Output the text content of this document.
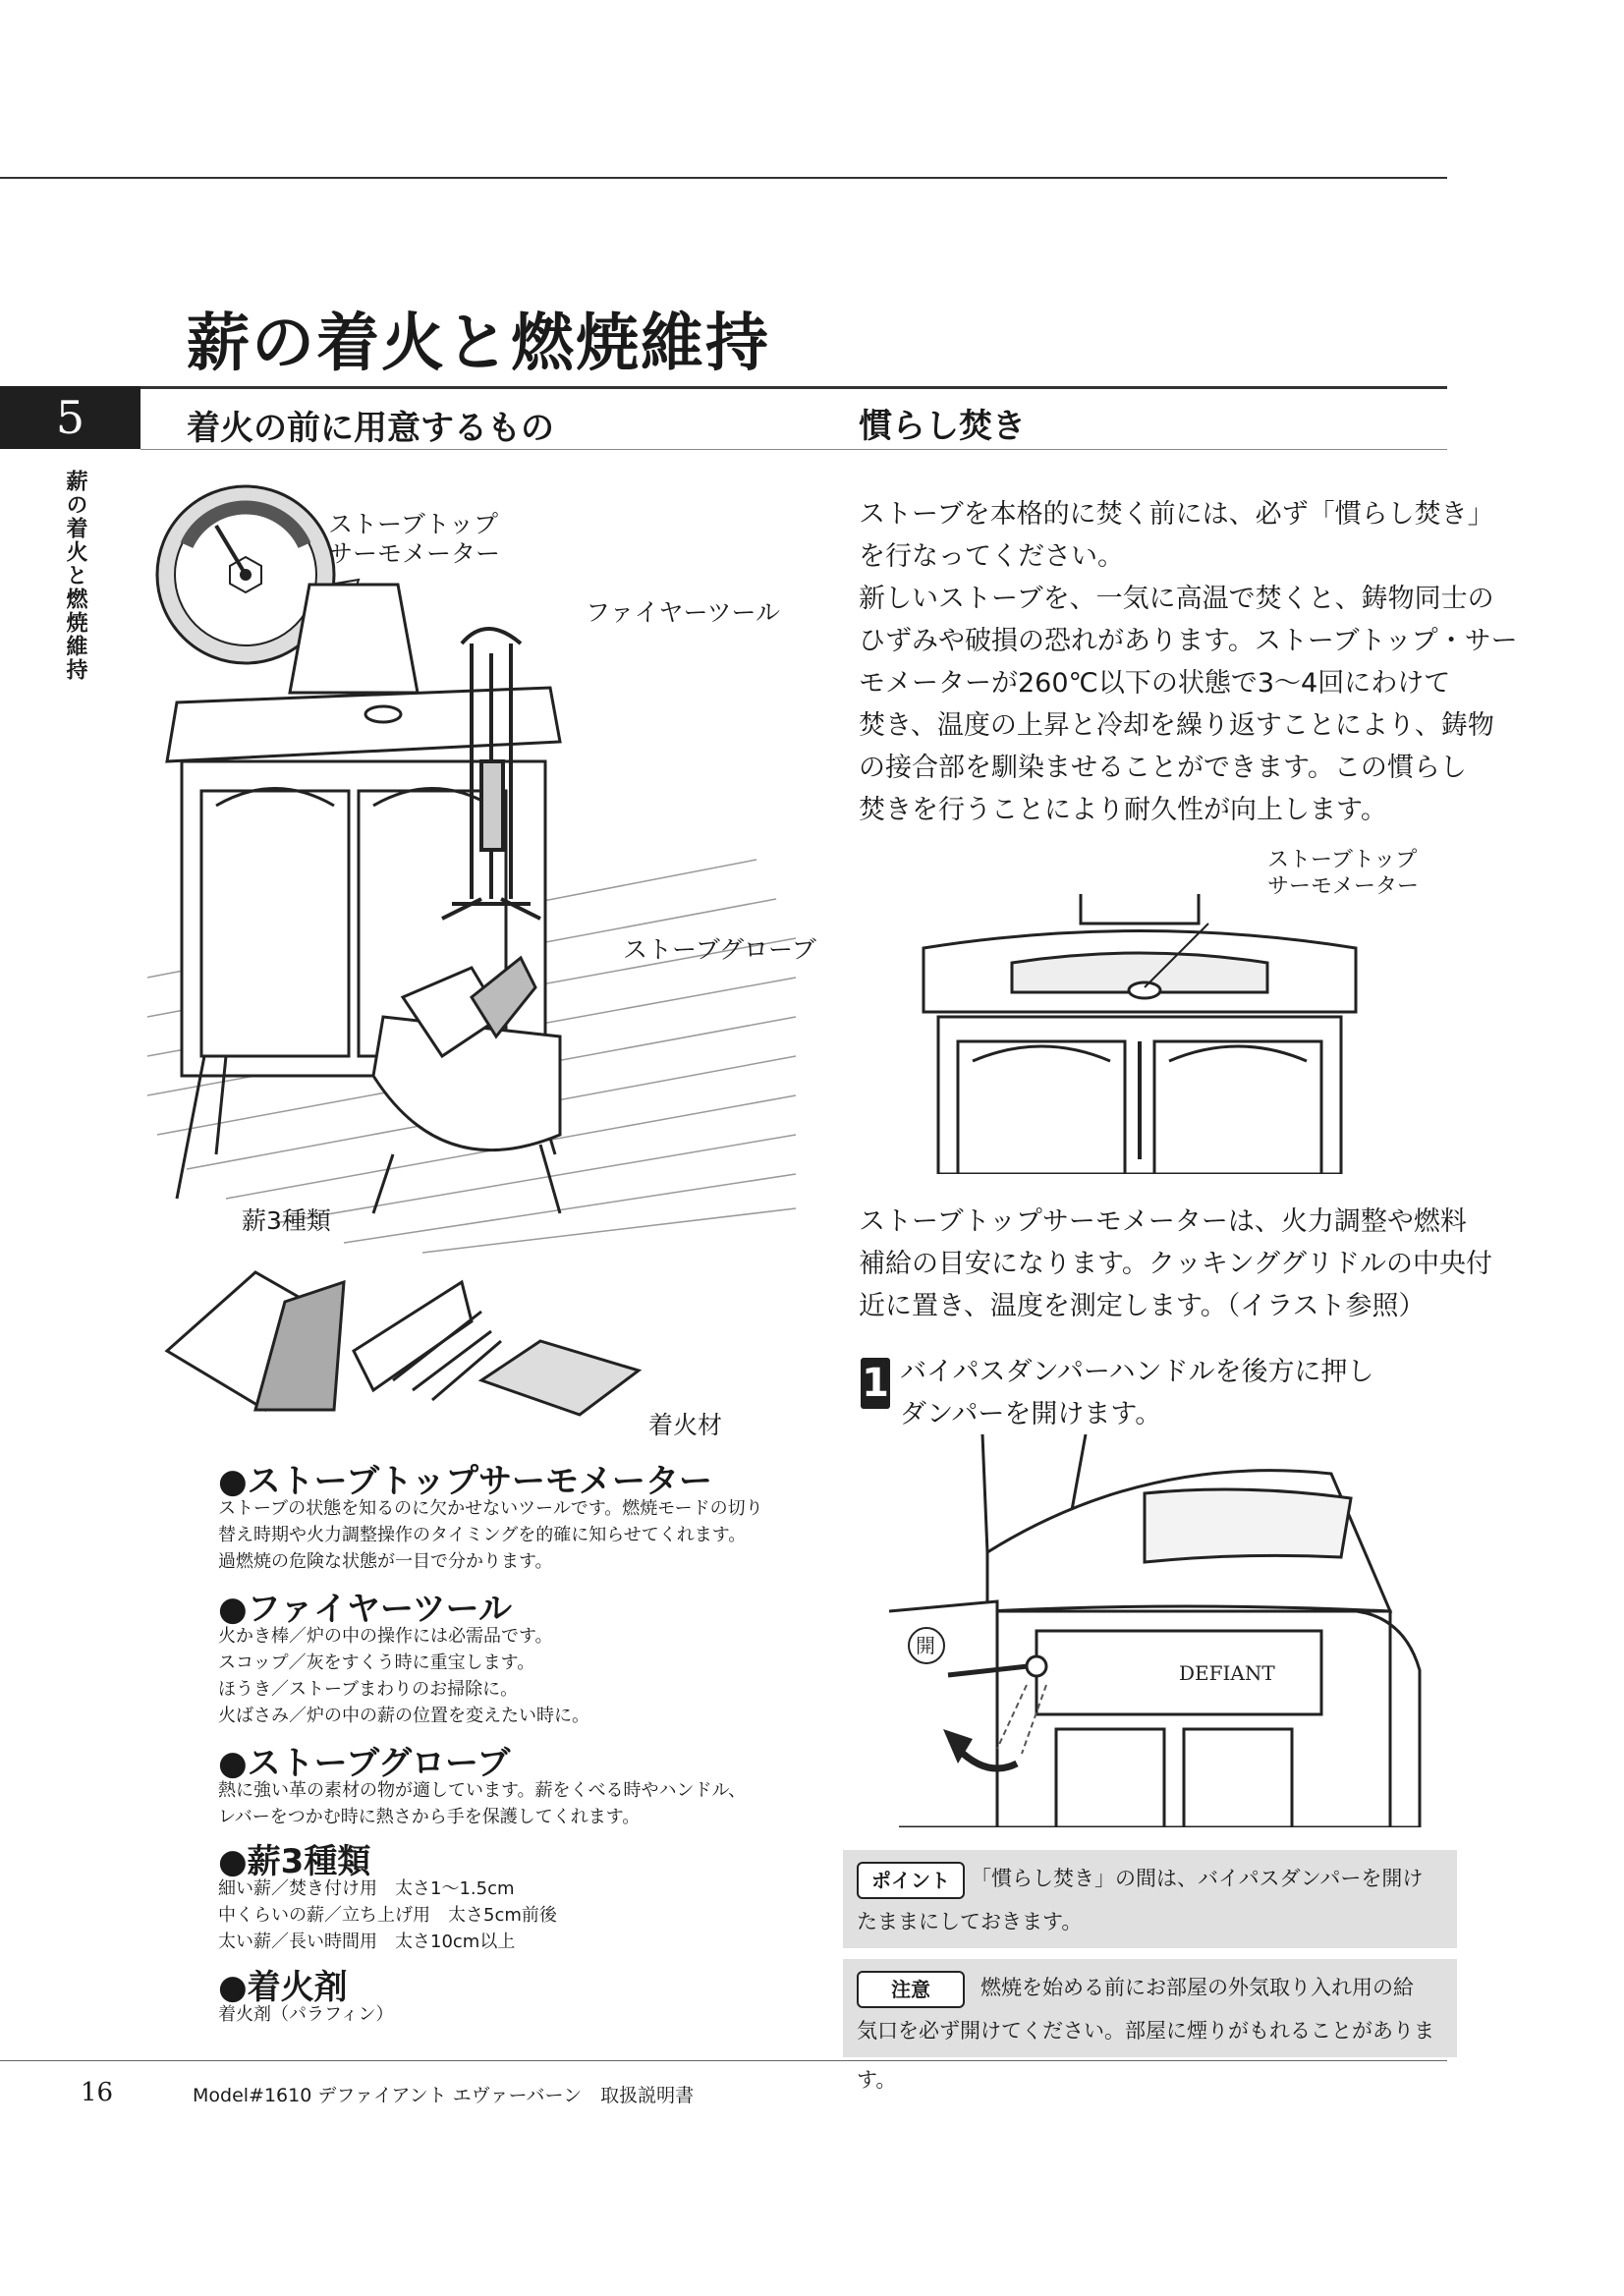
薪の着火と燃焼維持
5
薪の着火と燃焼維持
着火の前に用意するもの	慣らし焚き
ストーブトップ
サーモメーター
ファイヤーツール
ストーブグローブ
薪3種類
着火材
●ストーブトップサーモメーター
ストーブの状態を知るのに欠かせないツールです。燃焼モードの切り
替え時期や火力調整操作のタイミングを的確に知らせてくれます。
過燃焼の危険な状態が一目で分かります。
●ファイヤーツール
火かき棒／炉の中の操作には必需品です。
スコップ／灰をすくう時に重宝します。
ほうき／ストーブまわりのお掃除に。
火ばさみ／炉の中の薪の位置を変えたい時に。
●ストーブグローブ
熱に強い革の素材の物が適しています。薪をくべる時やハンドル、
レバーをつかむ時に熱さから手を保護してくれます。
●薪3種類
細い薪／焚き付け用　太さ1～1.5cm
中くらいの薪／立ち上げ用　太さ5cm前後
太い薪／長い時間用　太さ10cm以上
●着火剤
着火剤（パラフィン）
ストーブを本格的に焚く前には、必ず「慣らし焚き」
を行なってください。
新しいストーブを、一気に高温で焚くと、鋳物同士の
ひずみや破損の恐れがあります。ストーブトップ・サー
モメーターが260℃以下の状態で3～4回にわけて
焚き、温度の上昇と冷却を繰り返すことにより、鋳物
の接合部を馴染ませることができます。この慣らし
焚きを行うことにより耐久性が向上します。
ストーブトップ
サーモメーター
ストーブトップサーモメーターは、火力調整や燃料
補給の目安になります。クッキンググリドルの中央付
近に置き、温度を測定します。（イラスト参照）
1 バイパスダンパーハンドルを後方に押し
ダンパーを開けます。
DEFIANT
開
ポイント	「慣らし焚き」の間は、バイパスダンパーを開け
たままにしておきます。
注意	燃焼を始める前にお部屋の外気取り入れ用の給
気口を必ず開けてください。部屋に煙りがもれることがあります。
16	Model#1610 デファイアント エヴァーバーン　取扱説明書
